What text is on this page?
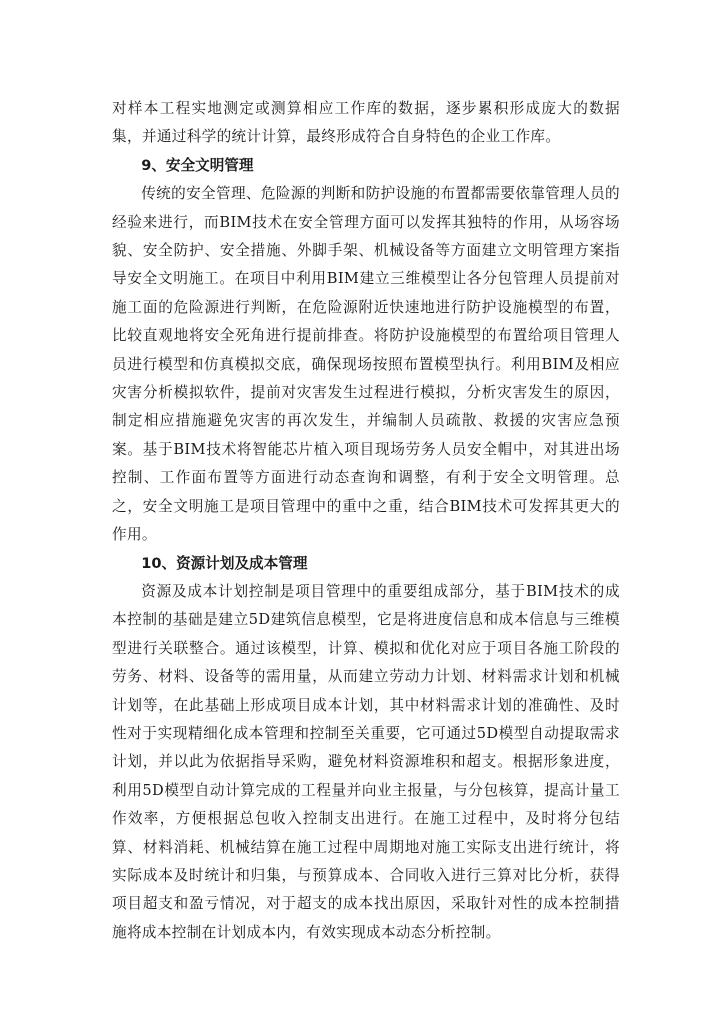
对样本工程实地测定或测算相应工作库的数据，逐步累积形成庞大的数据集，并通过科学的统计计算，最终形成符合自身特色的企业工作库。

9、安全文明管理

传统的安全管理、危险源的判断和防护设施的布置都需要依靠管理人员的经验来进行，而BIM技术在安全管理方面可以发挥其独特的作用，从场容场貌、安全防护、安全措施、外脚手架、机械设备等方面建立文明管理方案指导安全文明施工。在项目中利用BIM建立三维模型让各分包管理人员提前对施工面的危险源进行判断，在危险源附近快速地进行防护设施模型的布置，比较直观地将安全死角进行提前排查。将防护设施模型的布置给项目管理人员进行模型和仿真模拟交底，确保现场按照布置模型执行。利用BIM及相应灾害分析模拟软件，提前对灾害发生过程进行模拟，分析灾害发生的原因，制定相应措施避免灾害的再次发生，并编制人员疏散、救援的灾害应急预案。基于BIM技术将智能芯片植入项目现场劳务人员安全帽中，对其进出场控制、工作面布置等方面进行动态查询和调整，有利于安全文明管理。总之，安全文明施工是项目管理中的重中之重，结合BIM技术可发挥其更大的作用。

10、资源计划及成本管理

资源及成本计划控制是项目管理中的重要组成部分，基于BIM技术的成本控制的基础是建立5D建筑信息模型，它是将进度信息和成本信息与三维模型进行关联整合。通过该模型，计算、模拟和优化对应于项目各施工阶段的劳务、材料、设备等的需用量，从而建立劳动力计划、材料需求计划和机械计划等，在此基础上形成项目成本计划，其中材料需求计划的准确性、及时性对于实现精细化成本管理和控制至关重要，它可通过5D模型自动提取需求计划，并以此为依据指导采购，避免材料资源堆积和超支。根据形象进度，利用5D模型自动计算完成的工程量并向业主报量，与分包核算，提高计量工作效率，方便根据总包收入控制支出进行。在施工过程中，及时将分包结算、材料消耗、机械结算在施工过程中周期地对施工实际支出进行统计，将实际成本及时统计和归集，与预算成本、合同收入进行三算对比分析，获得项目超支和盈亏情况，对于超支的成本找出原因，采取针对性的成本控制措施将成本控制在计划成本内，有效实现成本动态分析控制。
